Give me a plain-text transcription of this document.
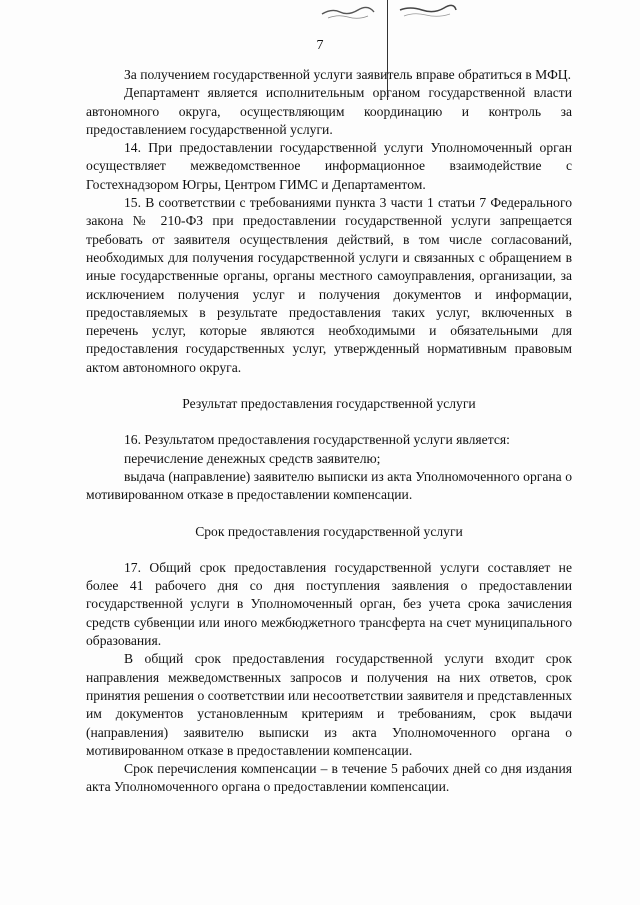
7

За получением государственной услуги заявитель вправе обратиться в МФЦ.

Департамент является исполнительным органом государственной власти автономного округа, осуществляющим координацию и контроль за предоставлением государственной услуги.

14. При предоставлении государственной услуги Уполномоченный орган осуществляет межведомственное информационное взаимодействие с Гостехнадзором Югры, Центром ГИМС и Департаментом.

15. В соответствии с требованиями пункта 3 части 1 статьи 7 Федерального закона № 210-ФЗ при предоставлении государственной услуги запрещается требовать от заявителя осуществления действий, в том числе согласований, необходимых для получения государственной услуги и связанных с обращением в иные государственные органы, органы местного самоуправления, организации, за исключением получения услуг и получения документов и информации, предоставляемых в результате предоставления таких услуг, включенных в перечень услуг, которые являются необходимыми и обязательными для предоставления государственных услуг, утвержденный нормативным правовым актом автономного округа.

Результат предоставления государственной услуги

16. Результатом предоставления государственной услуги является:

перечисление денежных средств заявителю;

выдача (направление) заявителю выписки из акта Уполномоченного органа о мотивированном отказе в предоставлении компенсации.

Срок предоставления государственной услуги

17. Общий срок предоставления государственной услуги составляет не более 41 рабочего дня со дня поступления заявления о предоставлении государственной услуги в Уполномоченный орган, без учета срока зачисления средств субвенции или иного межбюджетного трансферта на счет муниципального образования.

В общий срок предоставления государственной услуги входит срок направления межведомственных запросов и получения на них ответов, срок принятия решения о соответствии или несоответствии заявителя и представленных им документов установленным критериям и требованиям, срок выдачи (направления) заявителю выписки из акта Уполномоченного органа о мотивированном отказе в предоставлении компенсации.

Срок перечисления компенсации – в течение 5 рабочих дней со дня издания акта Уполномоченного органа о предоставлении компенсации.
